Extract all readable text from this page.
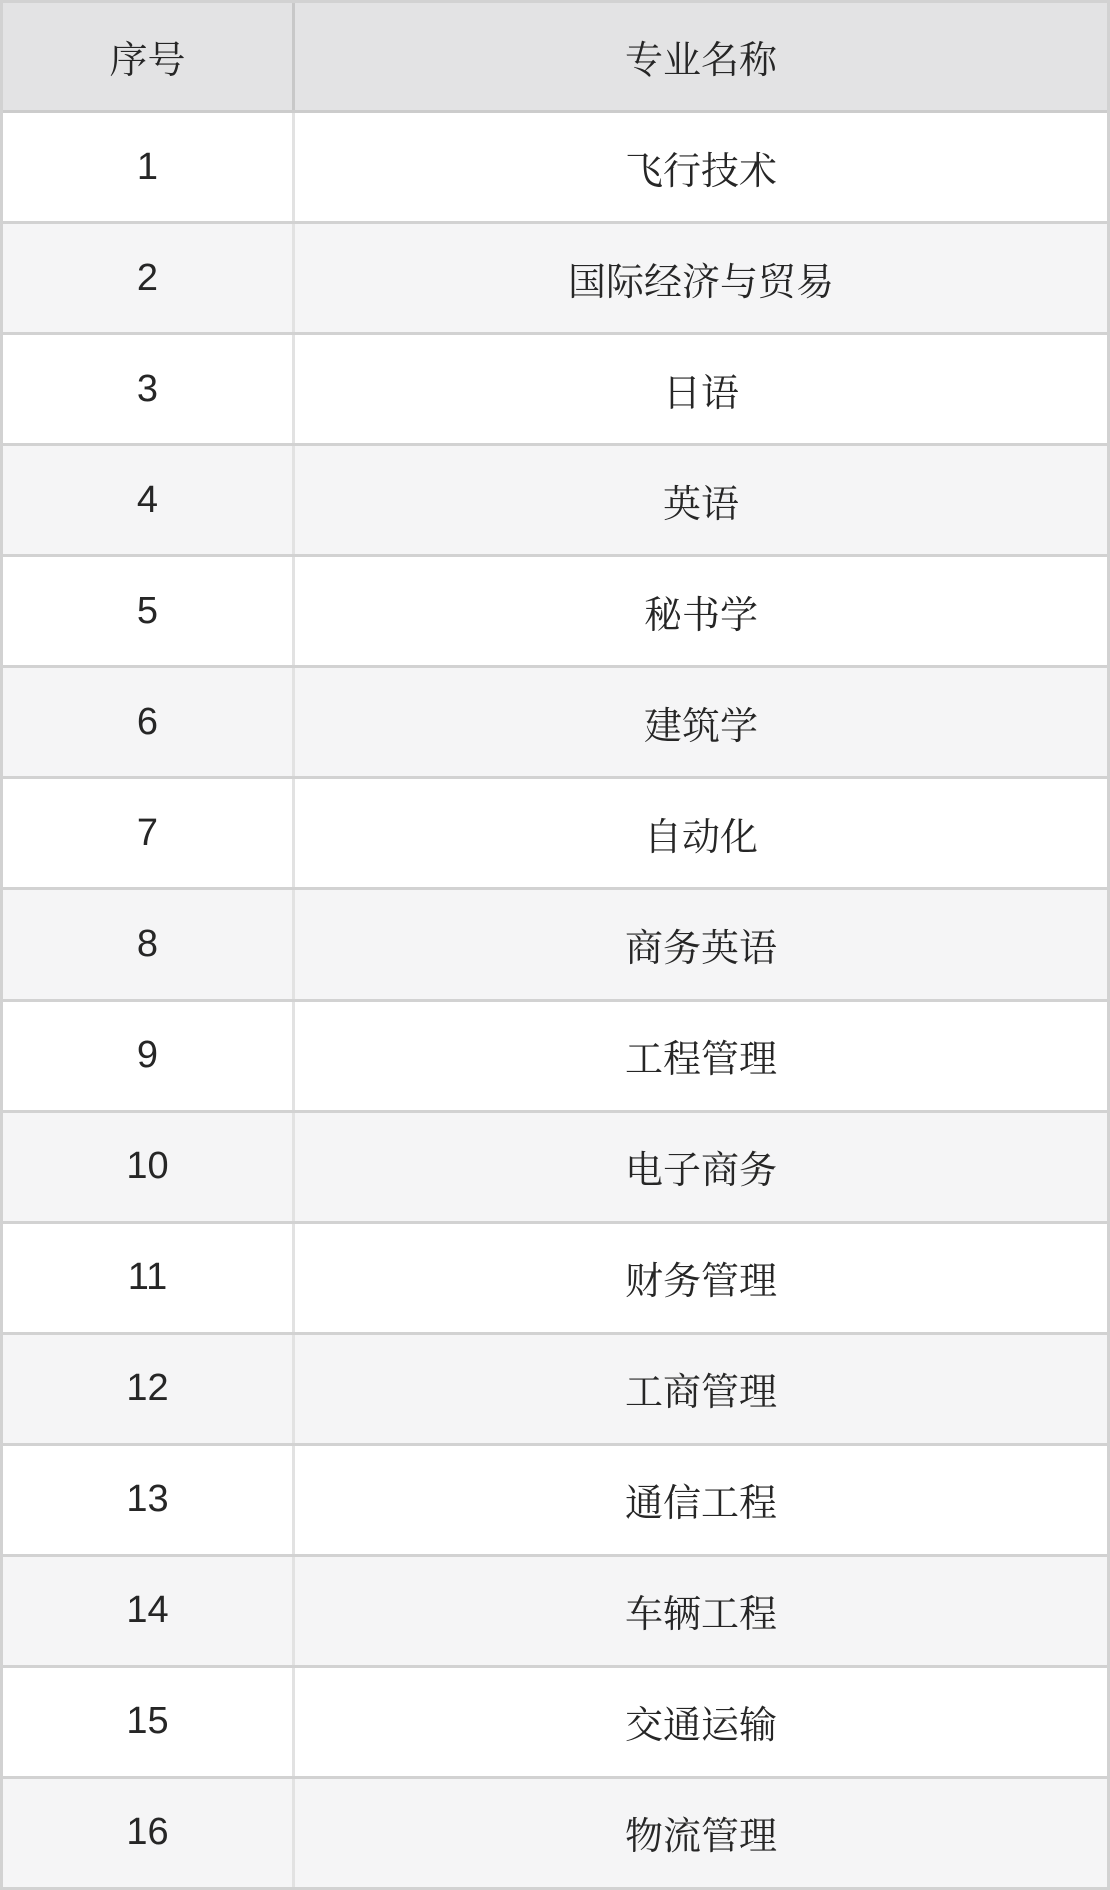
序号	专业名称
1	飞行技术
2	国际经济与贸易
3	日语
4	英语
5	秘书学
6	建筑学
7	自动化
8	商务英语
9	工程管理
10	电子商务
11	财务管理
12	工商管理
13	通信工程
14	车辆工程
15	交通运输
16	物流管理
